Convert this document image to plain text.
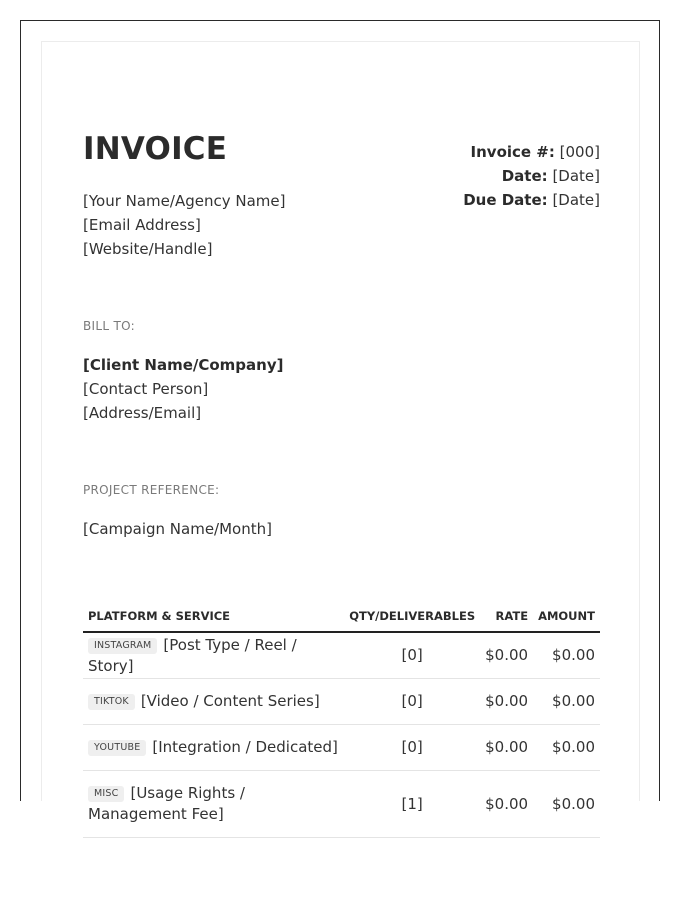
INVOICE	Invoice #: [000]
Date: [Date]
Due Date: [Date]
[Your Name/Agency Name]
[Email Address]
[Website/Handle]
BILL TO:
[Client Name/Company]
[Contact Person]
[Address/Email]
PROJECT REFERENCE:
[Campaign Name/Month]
PLATFORM & SERVICE	QTY/DELIVERABLES	RATE	AMOUNT
INSTAGRAM [Post Type / Reel / Story]	[0]	$0.00	$0.00
TIKTOK [Video / Content Series]	[0]	$0.00	$0.00
YOUTUBE [Integration / Dedicated]	[0]	$0.00	$0.00
MISC [Usage Rights / Management Fee]	[1]	$0.00	$0.00
